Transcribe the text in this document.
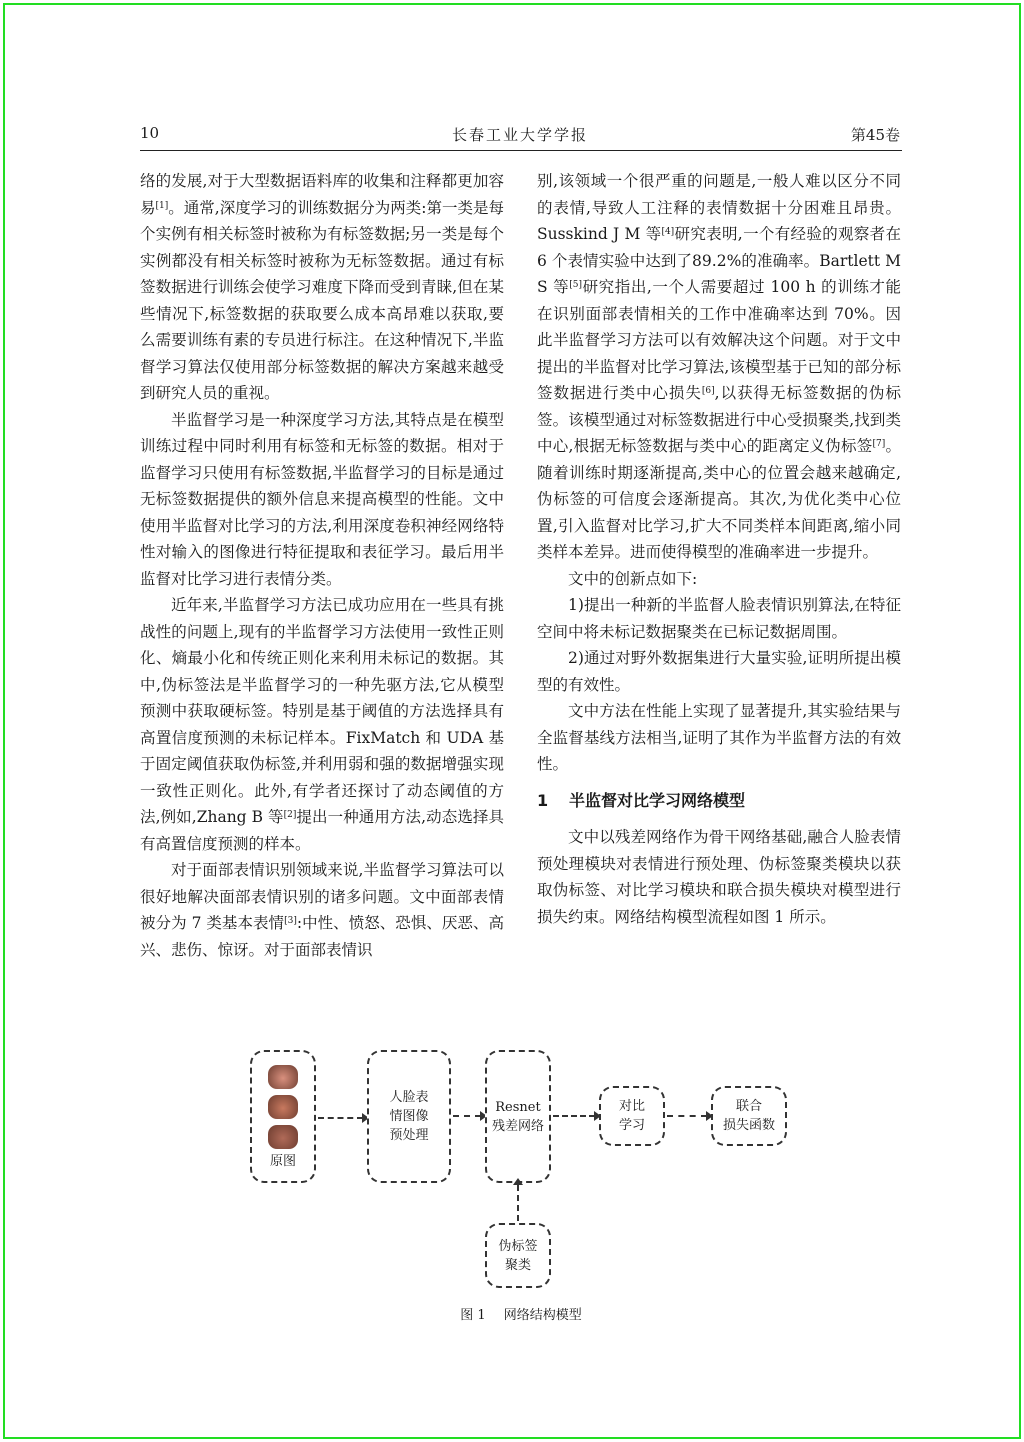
10	长春工业大学学报	第45卷

络的发展,对于大型数据语料库的收集和注释都更加容易[1]。通常,深度学习的训练数据分为两类:第一类是每个实例有相关标签时被称为有标签数据;另一类是每个实例都没有相关标签时被称为无标签数据。通过有标签数据进行训练会使学习难度下降而受到青睐,但在某些情况下,标签数据的获取要么成本高昂难以获取,要么需要训练有素的专员进行标注。在这种情况下,半监督学习算法仅使用部分标签数据的解决方案越来越受到研究人员的重视。

半监督学习是一种深度学习方法,其特点是在模型训练过程中同时利用有标签和无标签的数据。相对于监督学习只使用有标签数据,半监督学习的目标是通过无标签数据提供的额外信息来提高模型的性能。文中使用半监督对比学习的方法,利用深度卷积神经网络特性对输入的图像进行特征提取和表征学习。最后用半监督对比学习进行表情分类。

近年来,半监督学习方法已成功应用在一些具有挑战性的问题上,现有的半监督学习方法使用一致性正则化、熵最小化和传统正则化来利用未标记的数据。其中,伪标签法是半监督学习的一种先驱方法,它从模型预测中获取硬标签。特别是基于阈值的方法选择具有高置信度预测的未标记样本。FixMatch 和 UDA 基于固定阈值获取伪标签,并利用弱和强的数据增强实现一致性正则化。此外,有学者还探讨了动态阈值的方法,例如,Zhang B 等[2]提出一种通用方法,动态选择具有高置信度预测的样本。

对于面部表情识别领域来说,半监督学习算法可以很好地解决面部表情识别的诸多问题。文中面部表情被分为 7 类基本表情[3]:中性、愤怒、恐惧、厌恶、高兴、悲伤、惊讶。对于面部表情识

别,该领域一个很严重的问题是,一般人难以区分不同的表情,导致人工注释的表情数据十分困难且昂贵。Susskind J M 等[4]研究表明,一个有经验的观察者在 6 个表情实验中达到了89.2%的准确率。Bartlett M S 等[5]研究指出,一个人需要超过 100 h 的训练才能在识别面部表情相关的工作中准确率达到 70%。因此半监督学习方法可以有效解决这个问题。对于文中提出的半监督对比学习算法,该模型基于已知的部分标签数据进行类中心损失[6],以获得无标签数据的伪标签。该模型通过对标签数据进行中心受损聚类,找到类中心,根据无标签数据与类中心的距离定义伪标签[7]。随着训练时期逐渐提高,类中心的位置会越来越确定,伪标签的可信度会逐渐提高。其次,为优化类中心位置,引入监督对比学习,扩大不同类样本间距离,缩小同类样本差异。进而使得模型的准确率进一步提升。

文中的创新点如下:

1)提出一种新的半监督人脸表情识别算法,在特征空间中将未标记数据聚类在已标记数据周围。

2)通过对野外数据集进行大量实验,证明所提出模型的有效性。

文中方法在性能上实现了显著提升,其实验结果与全监督基线方法相当,证明了其作为半监督方法的有效性。

1 半监督对比学习网络模型

文中以残差网络作为骨干网络基础,融合人脸表情预处理模块对表情进行预处理、伪标签聚类模块以获取伪标签、对比学习模块和联合损失模块对模型进行损失约束。网络结构模型流程如图 1 所示。

原图
人脸表
情图像
预处理
Resnet
残差网络
对比
学习
联合
损失函数
伪标签
聚类
图 1 网络结构模型
